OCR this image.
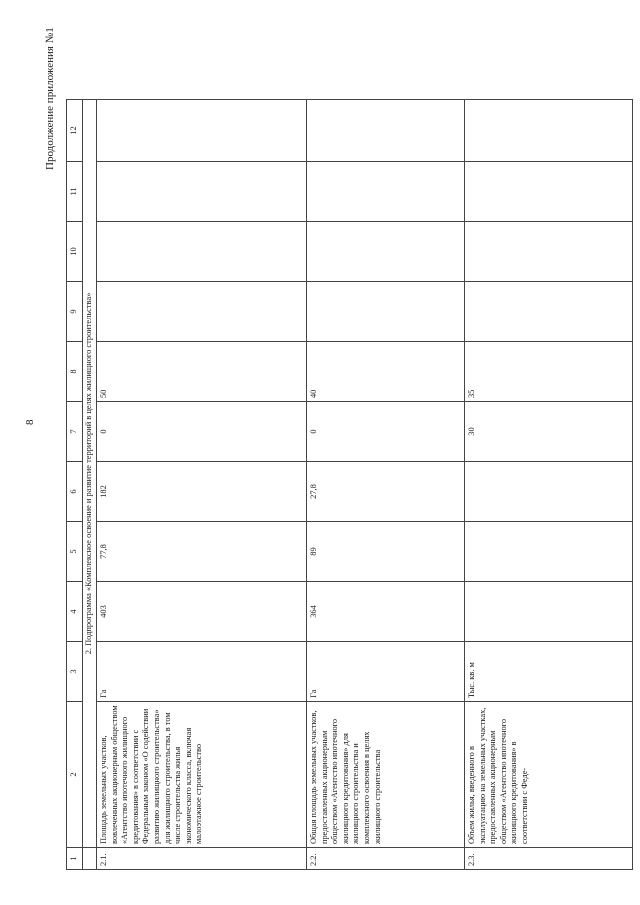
8
Продолжение приложения №1
1	2	3	4	5	6	7	8	9	10	11	12
	2. Подпрограмма «Комплексное освоение и развитие территорий в целях жилищного строительства»										
2.1.	Площадь земельных участков, вовлеченных акционерным обществом «Агентство ипотечного жилищного кредитования» в соответствии с Федеральным законом «О содействии развитию жилищного строительства» для жилищного строительства, в том числе строительства жилья экономического класса, включая малоэтажное строительство	Га	403	77,8	182	0	50				
2.2.	Общая площадь земельных участков, предоставленных акционерным обществом «Агентство ипотечного жилищного кредитования» для жилищного строительства и комплексного освоения в целях жилищного строительства	Га	364	89	27,8	0	40				
2.3.	Объем жилья, введенного в эксплуатацию на земельных участках, предоставленных акционерным обществом «Агентство ипотечного жилищного кредитования» в соответствии с Феде-	Тыс. кв. м				30	35				
